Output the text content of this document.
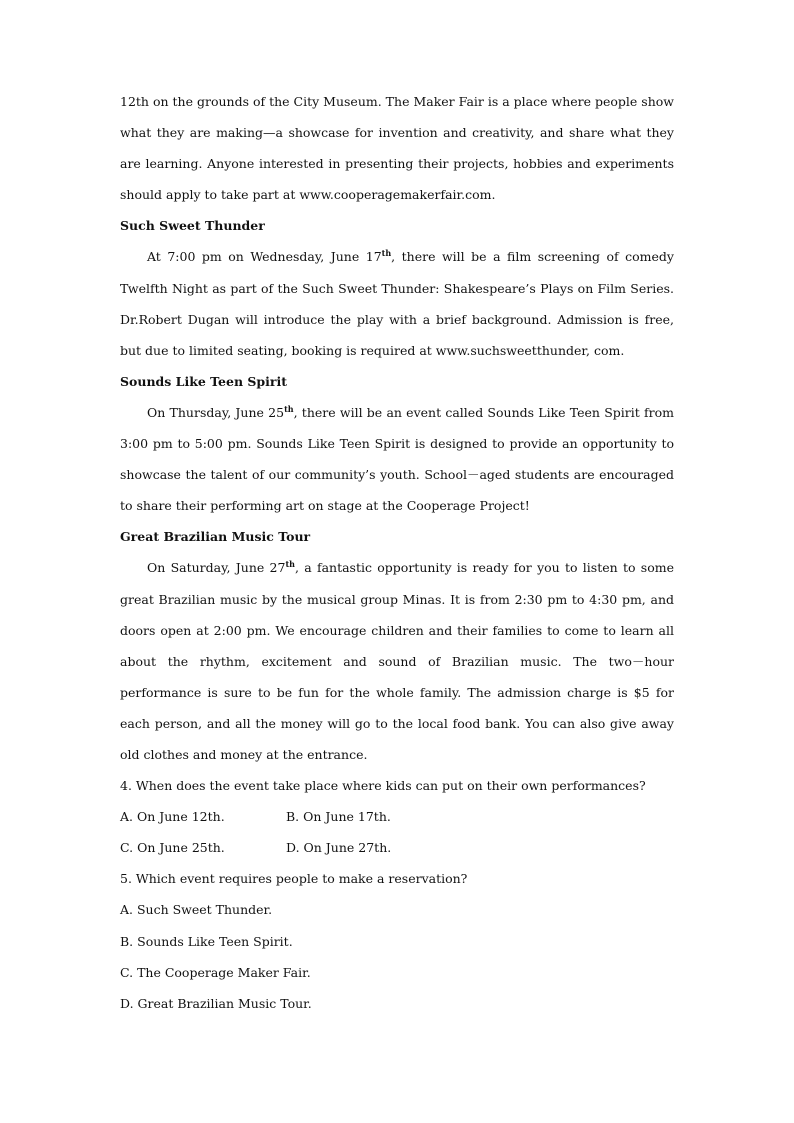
12th on the grounds of the City Museum. The Maker Fair is a place where people show what they are making—a showcase for invention and creativity, and share what they are learning. Anyone interested in presenting their projects, hobbies and experiments should apply to take part at www.cooperagemakerfair.com.

Such Sweet Thunder

At 7:00 pm on Wednesday, June 17th, there will be a film screening of comedy Twelfth Night as part of the Such Sweet Thunder: Shakespeare’s Plays on Film Series. Dr.Robert Dugan will introduce the play with a brief background. Admission is free, but due to limited seating, booking is required at www.suchsweetthunder, com.

Sounds Like Teen Spirit

On Thursday, June 25th, there will be an event called Sounds Like Teen Spirit from 3:00 pm to 5:00 pm. Sounds Like Teen Spirit is designed to provide an opportunity to showcase the talent of our community’s youth. School－aged students are encouraged to share their performing art on stage at the Cooperage Project!

Great Brazilian Music Tour

On Saturday, June 27th, a fantastic opportunity is ready for you to listen to some great Brazilian music by the musical group Minas. It is from 2:30 pm to 4:30 pm, and doors open at 2:00 pm. We encourage children and their families to come to learn all about the rhythm, excitement and sound of Brazilian music. The two－hour performance is sure to be fun for the whole family. The admission charge is $5 for each person, and all the money will go to the local food bank. You can also give away old clothes and money at the entrance.

4. When does the event take place where kids can put on their own performances?

A. On June 12th.	B. On June 17th.
C. On June 25th.	D. On June 27th.

5. Which event requires people to make a reservation?

A. Such Sweet Thunder.

B. Sounds Like Teen Spirit.

C. The Cooperage Maker Fair.

D. Great Brazilian Music Tour.
